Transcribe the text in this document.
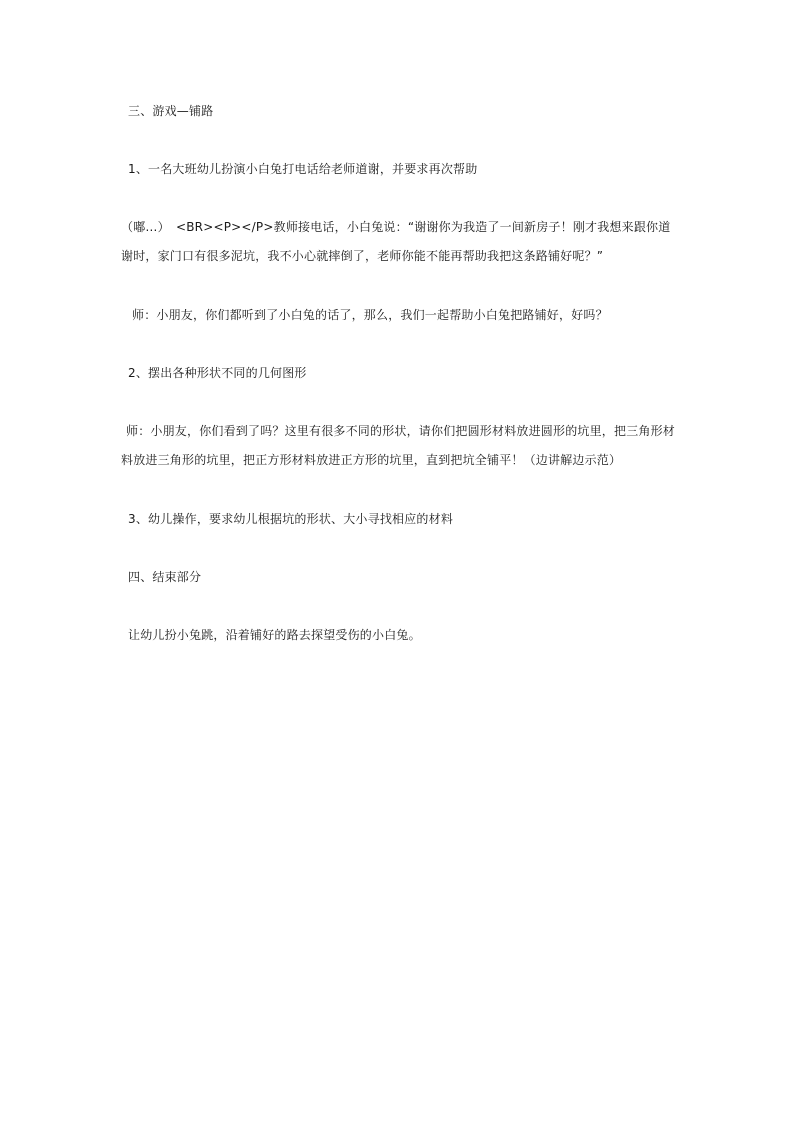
三、游戏—铺路
1、一名大班幼儿扮演小白兔打电话给老师道谢，并要求再次帮助
（嘟…）　<BR><P></P>教师接电话，小白兔说：“谢谢你为我造了一间新房子！刚才我想来跟你道
谢时，家门口有很多泥坑，我不小心就摔倒了，老师你能不能再帮助我把这条路铺好呢？”
师：小朋友，你们都听到了小白兔的话了，那么，我们一起帮助小白兔把路铺好，好吗？
2、摆出各种形状不同的几何图形
师：小朋友，你们看到了吗？这里有很多不同的形状，请你们把圆形材料放进圆形的坑里，把三角形材
料放进三角形的坑里，把正方形材料放进正方形的坑里，直到把坑全铺平！（边讲解边示范）
3、幼儿操作，要求幼儿根据坑的形状、大小寻找相应的材料
四、结束部分
让幼儿扮小兔跳，沿着铺好的路去探望受伤的小白兔。
